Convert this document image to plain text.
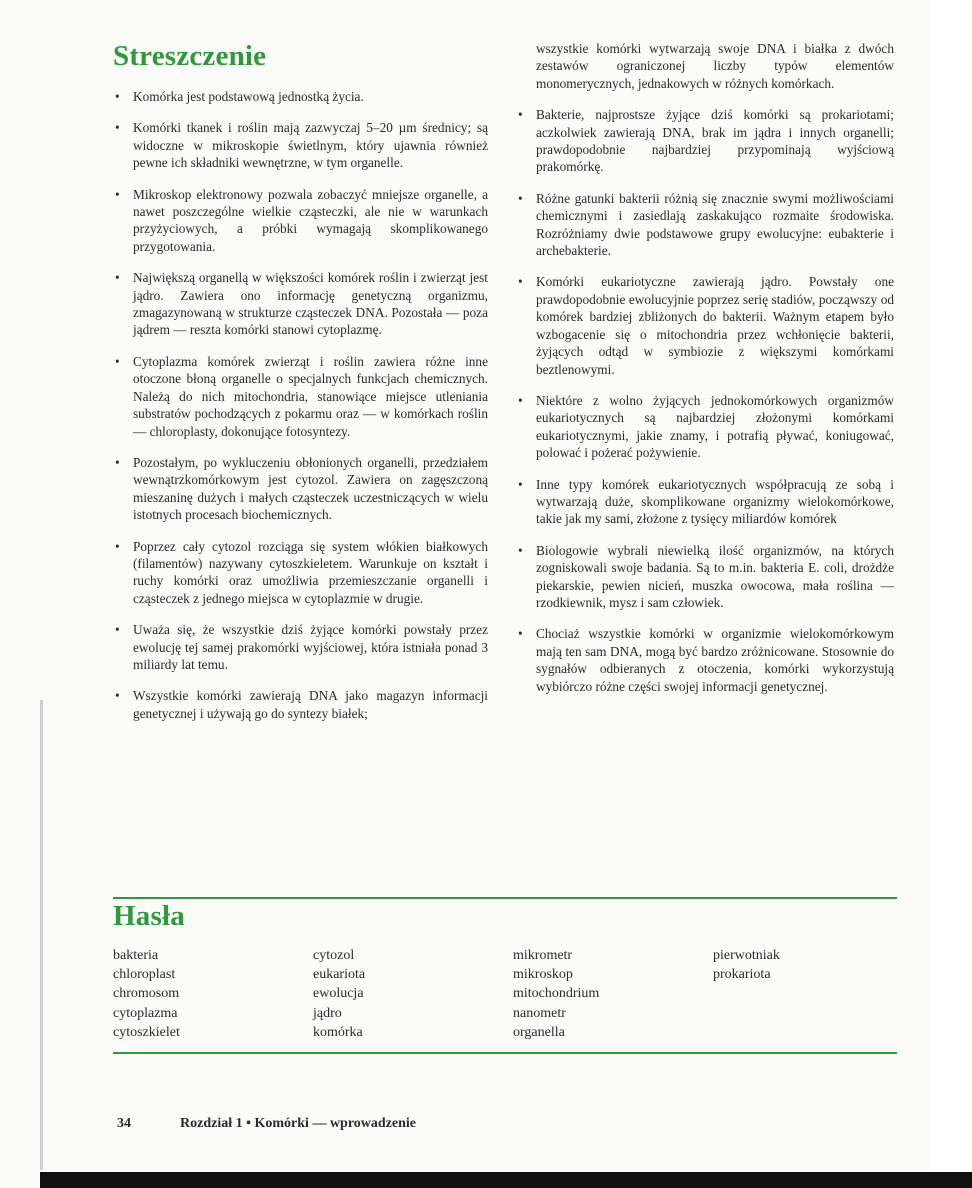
Streszczenie
• Komórka jest podstawową jednostką życia.
• Komórki tkanek i roślin mają zazwyczaj 5–20 µm średnicy; są widoczne w mikroskopie świetlnym, który ujawnia również pewne ich składniki wewnętrzne, w tym organelle.
• Mikroskop elektronowy pozwala zobaczyć mniejsze organelle, a nawet poszczególne wielkie cząsteczki, ale nie w warunkach przyżyciowych, a próbki wymagają skomplikowanego przygotowania.
• Największą organellą w większości komórek roślin i zwierząt jest jądro. Zawiera ono informację genetyczną organizmu, zmagazynowaną w strukturze cząsteczek DNA. Pozostała — poza jądrem — reszta komórki stanowi cytoplazmę.
• Cytoplazma komórek zwierząt i roślin zawiera różne inne otoczone błoną organelle o specjalnych funkcjach chemicznych. Należą do nich mitochondria, stanowiące miejsce utleniania substratów pochodzących z pokarmu oraz — w komórkach roślin — chloroplasty, dokonujące fotosyntezy.
• Pozostałym, po wykluczeniu obłonionych organelli, przedziałem wewnątrzkomórkowym jest cytozol. Zawiera on zagęszczoną mieszaninę dużych i małych cząsteczek uczestniczących w wielu istotnych procesach biochemicznych.
• Poprzez cały cytozol rozciąga się system włókien białkowych (filamentów) nazywany cytoszkieletem. Warunkuje on kształt i ruchy komórki oraz umożliwia przemieszczanie organelli i cząsteczek z jednego miejsca w cytoplazmie w drugie.
• Uważa się, że wszystkie dziś żyjące komórki powstały przez ewolucję tej samej prakomórki wyjściowej, która istniała ponad 3 miliardy lat temu.
• Wszystkie komórki zawierają DNA jako magazyn informacji genetycznej i używają go do syntezy białek;
wszystkie komórki wytwarzają swoje DNA i białka z dwóch zestawów ograniczonej liczby typów elementów monomerycznych, jednakowych w różnych komórkach.
• Bakterie, najprostsze żyjące dziś komórki są prokariotami; aczkolwiek zawierają DNA, brak im jądra i innych organelli; prawdopodobnie najbardziej przypominają wyjściową prakomórkę.
• Różne gatunki bakterii różnią się znacznie swymi możliwościami chemicznymi i zasiedlają zaskakująco rozmaite środowiska. Rozróżniamy dwie podstawowe grupy ewolucyjne: eubakterie i archebakterie.
• Komórki eukariotyczne zawierają jądro. Powstały one prawdopodobnie ewolucyjnie poprzez serię stadiów, począwszy od komórek bardziej zbliżonych do bakterii. Ważnym etapem było wzbogacenie się o mitochondria przez wchłonięcie bakterii, żyjących odtąd w symbiozie z większymi komórkami beztlenowymi.
• Niektóre z wolno żyjących jednokomórkowych organizmów eukariotycznych są najbardziej złożonymi komórkami eukariotycznymi, jakie znamy, i potrafią pływać, koniugować, polować i pożerać pożywienie.
• Inne typy komórek eukariotycznych współpracują ze sobą i wytwarzają duże, skomplikowane organizmy wielokomórkowe, takie jak my sami, złożone z tysięcy miliardów komórek
• Biologowie wybrali niewielką ilość organizmów, na których zogniskowali swoje badania. Są to m.in. bakteria E. coli, drożdże piekarskie, pewien nicień, muszka owocowa, mała roślina — rzodkiewnik, mysz i sam człowiek.
• Chociaż wszystkie komórki w organizmie wielokomórkowym mają ten sam DNA, mogą być bardzo zróżnicowane. Stosownie do sygnałów odbieranych z otoczenia, komórki wykorzystują wybiórczo różne części swojej informacji genetycznej.
Hasła
bakteria
chloroplast
chromosom
cytoplazma
cytoszkielet
cytozol
eukariota
ewolucja
jądro
komórka
mikrometr
mikroskop
mitochondrium
nanometr
organella
pierwotniak
prokariota
34	Rozdział 1 • Komórki — wprowadzenie
